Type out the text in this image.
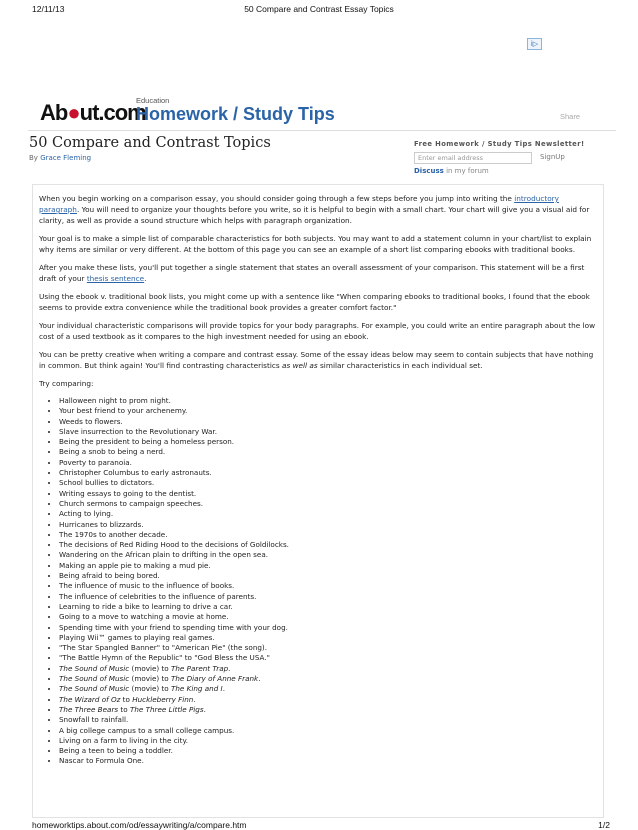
12/11/13	50 Compare and Contrast Essay Topics
i▷
Ab●ut.com
Education
Homework / Study Tips	Share
50 Compare and Contrast Topics
By Grace Fleming
Free Homework / Study Tips Newsletter!
Enter email address	SignUp
Discuss in my forum

When you begin working on a comparison essay, you should consider going through a few steps before you jump into writing the introductory paragraph. You will need to organize your thoughts before you write, so it is helpful to begin with a small chart. Your chart will give you a visual aid for clarity, as well as provide a sound structure which helps with paragraph organization.

Your goal is to make a simple list of comparable characteristics for both subjects. You may want to add a statement column in your chart/list to explain why items are similar or very different. At the bottom of this page you can see an example of a short list comparing ebooks with traditional books.

After you make these lists, you'll put together a single statement that states an overall assessment of your comparison. This statement will be a first draft of your thesis sentence.

Using the ebook v. traditional book lists, you might come up with a sentence like "When comparing ebooks to traditional books, I found that the ebook seems to provide extra convenience while the traditional book provides a greater comfort factor."

Your individual characteristic comparisons will provide topics for your body paragraphs. For example, you could write an entire paragraph about the low cost of a used textbook as it compares to the high investment needed for using an ebook.

You can be pretty creative when writing a compare and contrast essay. Some of the essay ideas below may seem to contain subjects that have nothing in common. But think again! You'll find contrasting characteristics as well as similar characteristics in each individual set.

Try comparing:

• Halloween night to prom night.
• Your best friend to your archenemy.
• Weeds to flowers.
• Slave insurrection to the Revolutionary War.
• Being the president to being a homeless person.
• Being a snob to being a nerd.
• Poverty to paranoia.
• Christopher Columbus to early astronauts.
• School bullies to dictators.
• Writing essays to going to the dentist.
• Church sermons to campaign speeches.
• Acting to lying.
• Hurricanes to blizzards.
• The 1970s to another decade.
• The decisions of Red Riding Hood to the decisions of Goldilocks.
• Wandering on the African plain to drifting in the open sea.
• Making an apple pie to making a mud pie.
• Being afraid to being bored.
• The influence of music to the influence of books.
• The influence of celebrities to the influence of parents.
• Learning to ride a bike to learning to drive a car.
• Going to a move to watching a movie at home.
• Spending time with your friend to spending time with your dog.
• Playing Wii™ games to playing real games.
• "The Star Spangled Banner" to "American Pie" (the song).
• "The Battle Hymn of the Republic" to "God Bless the USA."
• The Sound of Music (movie) to The Parent Trap.
• The Sound of Music (movie) to The Diary of Anne Frank.
• The Sound of Music (movie) to The King and I.
• The Wizard of Oz to Huckleberry Finn.
• The Three Bears to The Three Little Pigs.
• Snowfall to rainfall.
• A big college campus to a small college campus.
• Living on a farm to living in the city.
• Being a teen to being a toddler.
• Nascar to Formula One.
homeworktips.about.com/od/essaywriting/a/compare.htm	1/2
